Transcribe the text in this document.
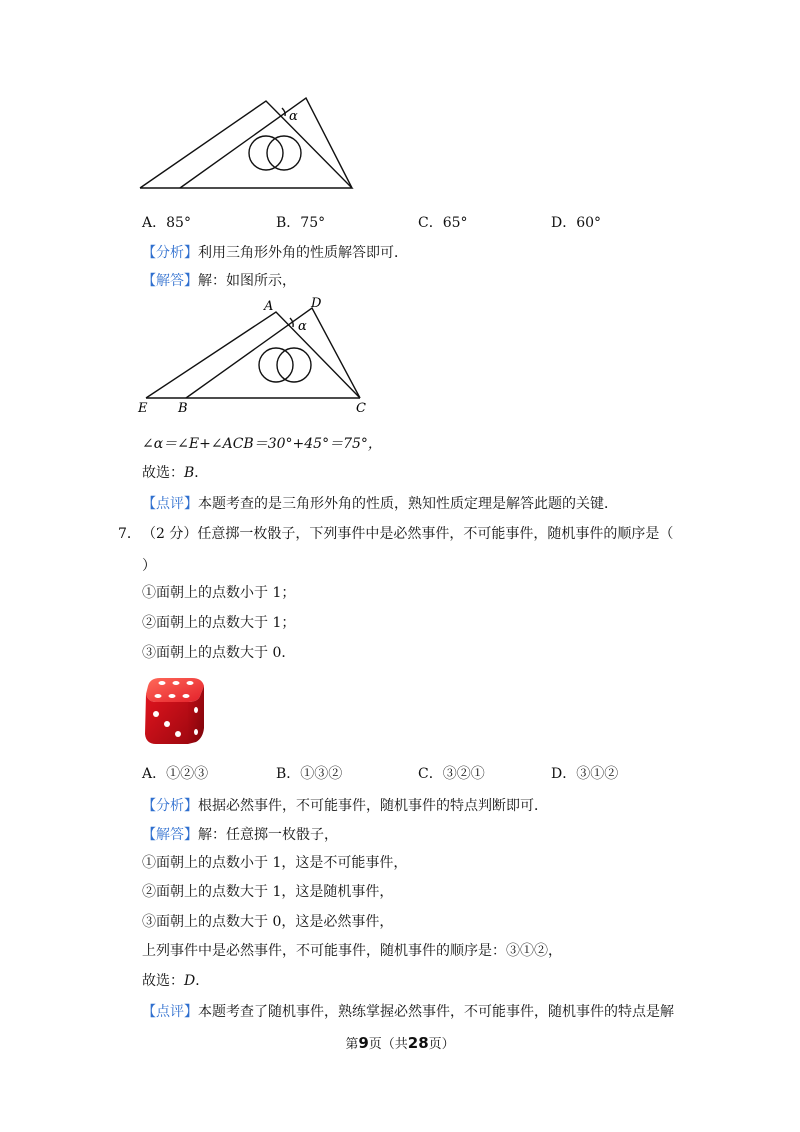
α
A．85°	B．75°	C．65°	D．60°
【分析】利用三角形外角的性质解答即可．
【解答】解：如图所示，
A	D
α
E B	C
∠α＝∠E+∠ACB＝30°+45°＝75°，
故选：B．
【点评】本题考查的是三角形外角的性质，熟知性质定理是解答此题的关键．
7． （2 分）任意掷一枚骰子，下列事件中是必然事件，不可能事件，随机事件的顺序是（
）
①面朝上的点数小于 1；
②面朝上的点数大于 1；
③面朝上的点数大于 0．
A．①②③	B．①③②	C．③②①	D．③①②
【分析】根据必然事件，不可能事件，随机事件的特点判断即可．
【解答】解：任意掷一枚骰子，
①面朝上的点数小于 1，这是不可能事件，
②面朝上的点数大于 1，这是随机事件，
③面朝上的点数大于 0，这是必然事件，
上列事件中是必然事件，不可能事件，随机事件的顺序是：③①②，
故选：D．
【点评】本题考查了随机事件，熟练掌握必然事件，不可能事件，随机事件的特点是解
第9页（共28页）
